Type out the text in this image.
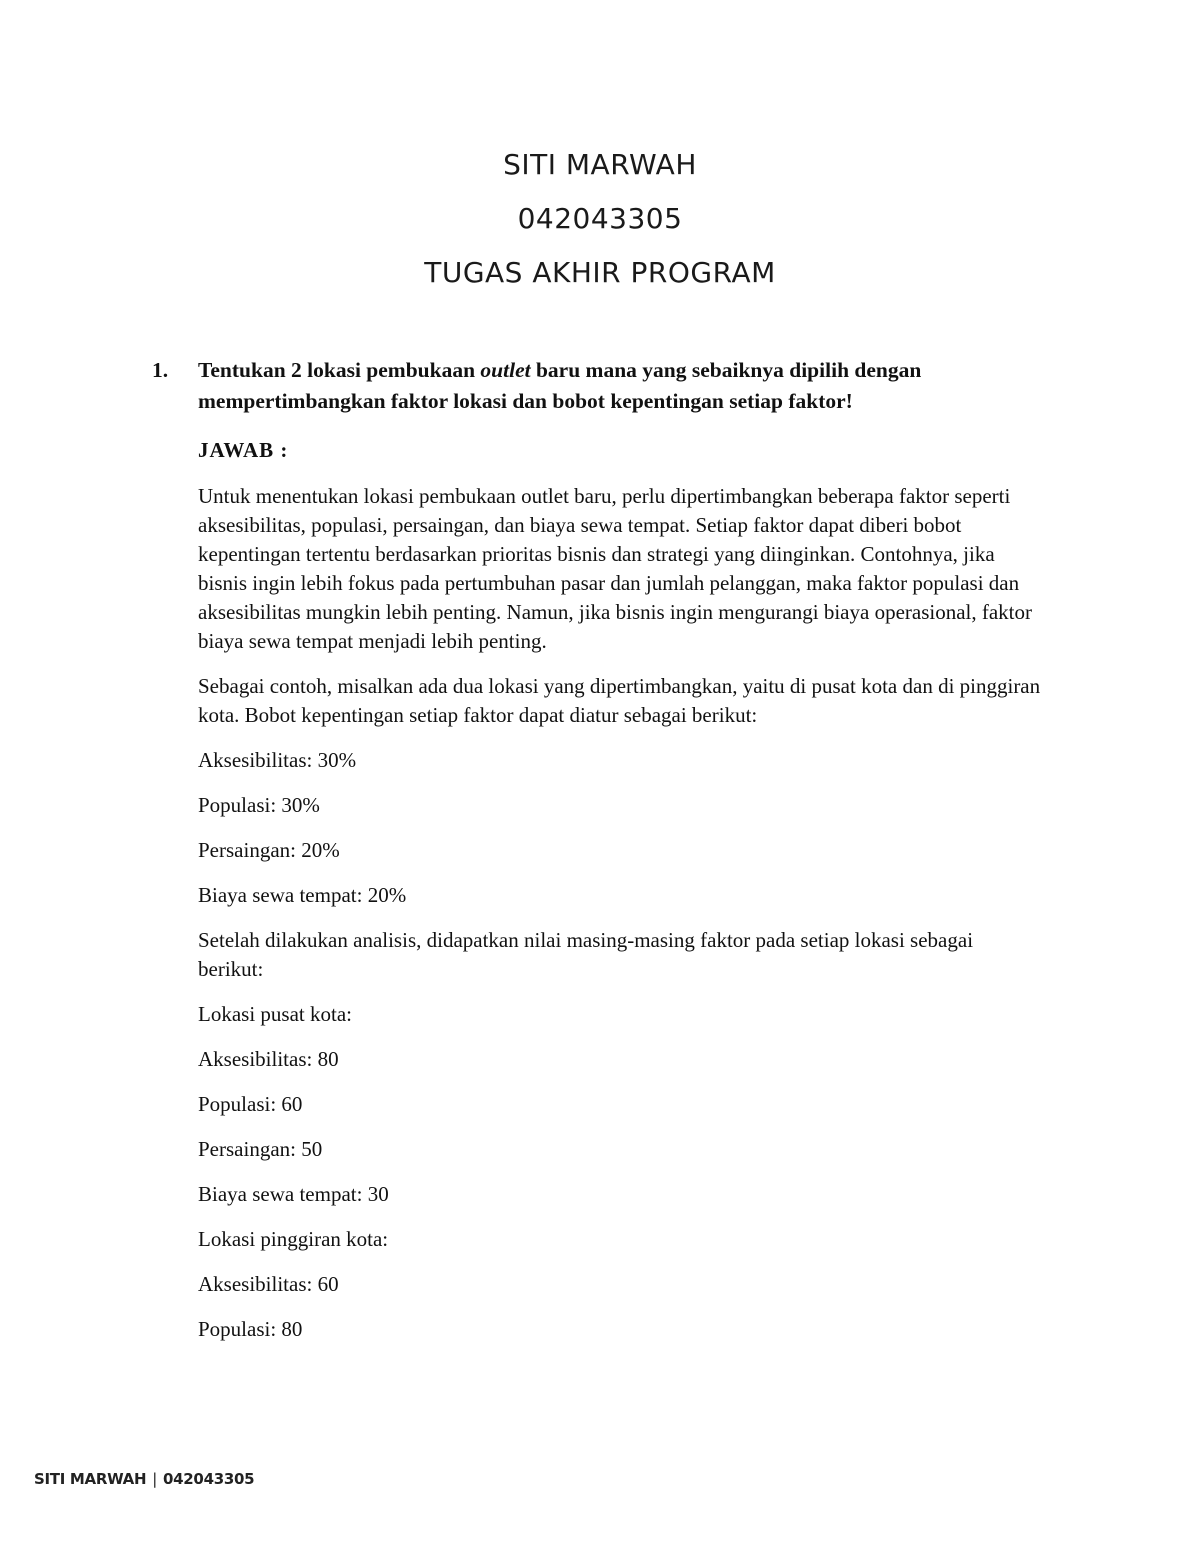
SITI MARWAH
042043305
TUGAS AKHIR PROGRAM
1. Tentukan 2 lokasi pembukaan outlet baru mana yang sebaiknya dipilih dengan mempertimbangkan faktor lokasi dan bobot kepentingan setiap faktor!
JAWAB :

Untuk menentukan lokasi pembukaan outlet baru, perlu dipertimbangkan beberapa faktor seperti aksesibilitas, populasi, persaingan, dan biaya sewa tempat. Setiap faktor dapat diberi bobot kepentingan tertentu berdasarkan prioritas bisnis dan strategi yang diinginkan. Contohnya, jika bisnis ingin lebih fokus pada pertumbuhan pasar dan jumlah pelanggan, maka faktor populasi dan aksesibilitas mungkin lebih penting. Namun, jika bisnis ingin mengurangi biaya operasional, faktor biaya sewa tempat menjadi lebih penting.

Sebagai contoh, misalkan ada dua lokasi yang dipertimbangkan, yaitu di pusat kota dan di pinggiran kota. Bobot kepentingan setiap faktor dapat diatur sebagai berikut:

Aksesibilitas: 30%
Populasi: 30%
Persaingan: 20%
Biaya sewa tempat: 20%

Setelah dilakukan analisis, didapatkan nilai masing-masing faktor pada setiap lokasi sebagai berikut:

Lokasi pusat kota:
Aksesibilitas: 80
Populasi: 60
Persaingan: 50
Biaya sewa tempat: 30
Lokasi pinggiran kota:
Aksesibilitas: 60
Populasi: 80
SITI MARWAH | 042043305
